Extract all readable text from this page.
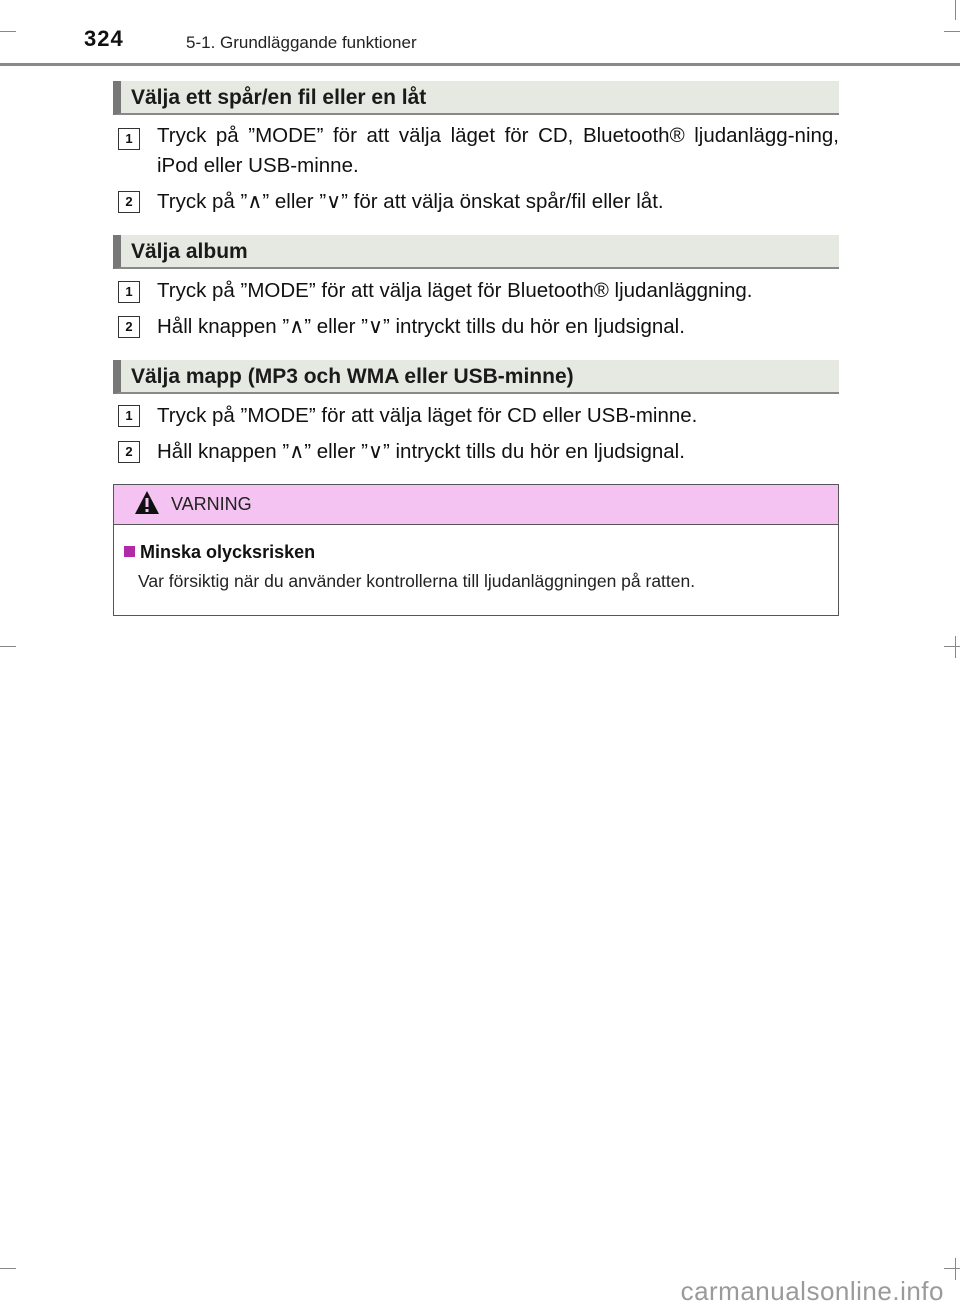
324	5-1. Grundläggande funktioner
Välja ett spår/en fil eller en låt
1	Tryck på ”MODE” för att välja läget för CD, Bluetooth® ljudanlägg-ning, iPod eller USB-minne.
2	Tryck på ”∧” eller ”∨” för att välja önskat spår/fil eller låt.
Välja album
1	Tryck på ”MODE” för att välja läget för Bluetooth® ljudanläggning.
2	Håll knappen ”∧” eller ”∨” intryckt tills du hör en ljudsignal.
Välja mapp (MP3 och WMA eller USB-minne)
1	Tryck på ”MODE” för att välja läget för CD eller USB-minne.
2	Håll knappen ”∧” eller ”∨” intryckt tills du hör en ljudsignal.
VARNING
Minska olycksrisken
Var försiktig när du använder kontrollerna till ljudanläggningen på ratten.
carmanualsonline.info
